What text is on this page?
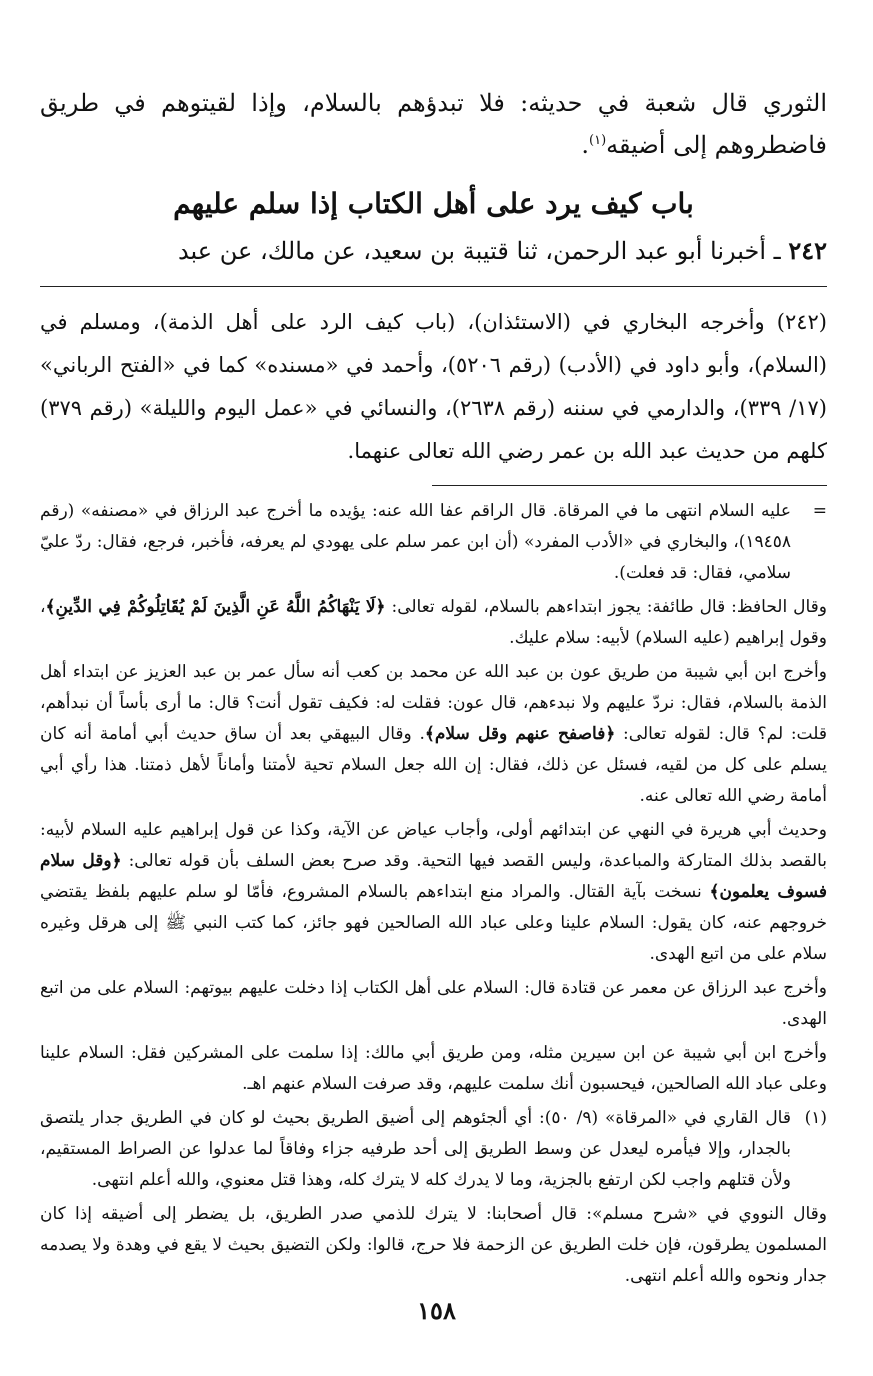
الثوري قال شعبة في حديثه: فلا تبدؤهم بالسلام، وإذا لقيتوهم في طريق فاضطروهم إلى أضيقه$^{(١)}$.

باب كيف يرد على أهل الكتاب إذا سلم عليهم

٢٤٢ ـ أخبرنا أبو عبد الرحمن، ثنا قتيبة بن سعيد، عن مالك، عن عبد

(٢٤٢) وأخرجه البخاري في (الاستئذان)، (باب كيف الرد على أهل الذمة)، ومسلم في (السلام)، وأبو داود في (الأدب) (رقم ٥٢٠٦)، وأحمد في «مسنده» كما في «الفتح الرباني» (١٧/ ٣٣٩)، والدارمي في سننه (رقم ٢٦٣٨)، والنسائي في «عمل اليوم والليلة» (رقم ٣٧٩) كلهم من حديث عبد الله بن عمر رضي الله تعالى عنهما.

=
عليه السلام انتهى ما في المرقاة. قال الراقم عفا الله عنه: يؤيده ما أخرج عبد الرزاق في «مصنفه» (رقم ١٩٤٥٨)، والبخاري في «الأدب المفرد» (أن ابن عمر سلم على يهودي لم يعرفه، فأخبر، فرجع، فقال: ردّ عليّ سلامي، فقال: قد فعلت).

وقال الحافظ: قال طائفة: يجوز ابتداءهم بالسلام، لقوله تعالى: ﴿لَا يَنْهَاكُمُ اللَّهُ عَنِ الَّذِينَ لَمْ يُقَاتِلُوكُمْ فِي الدِّينِ﴾، وقول إبراهيم (عليه السلام) لأبيه: سلام عليك.

وأخرج ابن أبي شيبة من طريق عون بن عبد الله عن محمد بن كعب أنه سأل عمر بن عبد العزيز عن ابتداء أهل الذمة بالسلام، فقال: نردّ عليهم ولا نبدءهم، قال عون: فقلت له: فكيف تقول أنت؟ قال: ما أرى بأساً أن نبدأهم، قلت: لم؟ قال: لقوله تعالى: ﴿فاصفح عنهم وقل سلام﴾. وقال البيهقي بعد أن ساق حديث أبي أمامة أنه كان يسلم على كل من لقيه، فسئل عن ذلك، فقال: إن الله جعل السلام تحية لأمتنا وأماناً لأهل ذمتنا. هذا رأي أبي أمامة رضي الله تعالى عنه.

وحديث أبي هريرة في النهي عن ابتدائهم أولى، وأجاب عياض عن الآية، وكذا عن قول إبراهيم عليه السلام لأبيه: بالقصد بذلك المتاركة والمباعدة، وليس القصد فيها التحية. وقد صرح بعض السلف بأن قوله تعالى: ﴿وقل سلام فسوف يعلمون﴾ نسخت بآية القتال. والمراد منع ابتداءهم بالسلام المشروع، فأمّا لو سلم عليهم بلفظ يقتضي خروجهم عنه، كان يقول: السلام علينا وعلى عباد الله الصالحين فهو جائز، كما كتب النبي ﷺ إلى هرقل وغيره سلام على من اتبع الهدى.

وأخرج عبد الرزاق عن معمر عن قتادة قال: السلام على أهل الكتاب إذا دخلت عليهم بيوتهم: السلام على من اتبع الهدى.

وأخرج ابن أبي شيبة عن ابن سيرين مثله، ومن طريق أبي مالك: إذا سلمت على المشركين فقل: السلام علينا وعلى عباد الله الصالحين، فيحسبون أنك سلمت عليهم، وقد صرفت السلام عنهم اهـ.

(١)
قال القاري في «المرقاة» (٩/ ٥٠): أي ألجئوهم إلى أضيق الطريق بحيث لو كان في الطريق جدار يلتصق بالجدار، وإلا فيأمره ليعدل عن وسط الطريق إلى أحد طرفيه جزاء وفاقاً لما عدلوا عن الصراط المستقيم، ولأن قتلهم واجب لكن ارتفع بالجزية، وما لا يدرك كله لا يترك كله، وهذا قتل معنوي، والله أعلم انتهى.

وقال النووي في «شرح مسلم»: قال أصحابنا: لا يترك للذمي صدر الطريق، بل يضطر إلى أضيقه إذا كان المسلمون يطرقون، فإن خلت الطريق عن الزحمة فلا حرج، قالوا: ولكن التضيق بحيث لا يقع في وهدة ولا يصدمه جدار ونحوه والله أعلم انتهى.

١٥٨
